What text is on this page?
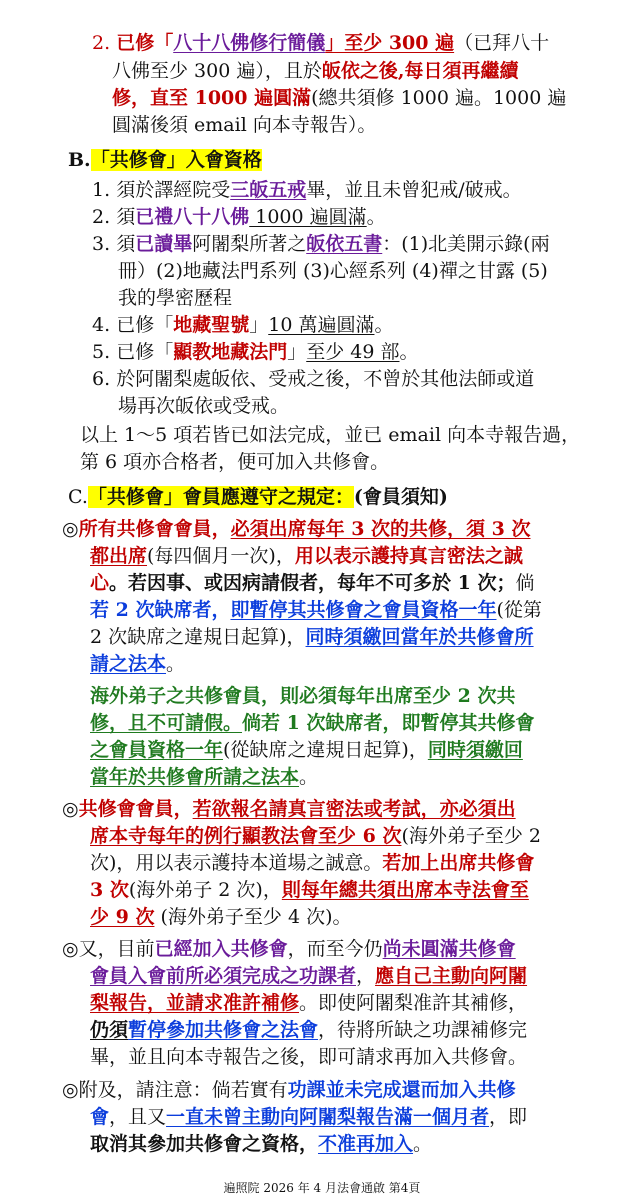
2. 已修「八十八佛修行簡儀」至少 300 遍（已拜八十
八佛至少 300 遍），且於皈依之後,每日須再繼續
修，直至 1000 遍圓滿(總共須修 1000 遍。1000 遍
圓滿後須 email 向本寺報告）。
B.「共修會」入會資格
1. 須於譯經院受三皈五戒畢，並且未曾犯戒/破戒。
2. 須已禮八十八佛 1000 遍圓滿。
3. 須已讀畢阿闍梨所著之皈依五書：(1)北美開示錄(兩
冊）(2)地藏法門系列 (3)心經系列 (4)禪之甘露 (5)
我的學密歷程
4. 已修「地藏聖號」10 萬遍圓滿。
5. 已修「顯教地藏法門」至少 49 部。
6. 於阿闍梨處皈依、受戒之後，不曾於其他法師或道
場再次皈依或受戒。
以上 1～5 項若皆已如法完成，並已 email 向本寺報告過，
第 6 項亦合格者，便可加入共修會。
C.「共修會」會員應遵守之規定：(會員須知)
◎所有共修會會員，必須出席每年 3 次的共修，須 3 次
都出席(每四個月一次)，用以表示護持真言密法之誠
心。若因事、或因病請假者，每年不可多於 1 次；倘
若 2 次缺席者，即暫停其共修會之會員資格一年(從第
2 次缺席之違規日起算)，同時須繳回當年於共修會所
請之法本。
海外弟子之共修會員，則必須每年出席至少 2 次共
修，且不可請假。倘若 1 次缺席者，即暫停其共修會
之會員資格一年(從缺席之違規日起算)，同時須繳回
當年於共修會所請之法本。
◎共修會會員，若欲報名請真言密法或考試，亦必須出
席本寺每年的例行顯教法會至少 6 次(海外弟子至少 2
次)，用以表示護持本道場之誠意。若加上出席共修會
3 次(海外弟子 2 次)，則每年總共須出席本寺法會至
少 9 次 (海外弟子至少 4 次)。
◎又，目前已經加入共修會，而至今仍尚未圓滿共修會
會員入會前所必須完成之功課者，應自己主動向阿闍
梨報告，並請求准許補修。即使阿闍梨准許其補修，
仍須暫停參加共修會之法會，待將所缺之功課補修完
畢，並且向本寺報告之後，即可請求再加入共修會。
◎附及，請注意：倘若實有功課並未完成還而加入共修
會，且又一直未曾主動向阿闍梨報告滿一個月者，即
取消其參加共修會之資格，不准再加入。
遍照院 2026 年 4 月法會通啟 第4頁
